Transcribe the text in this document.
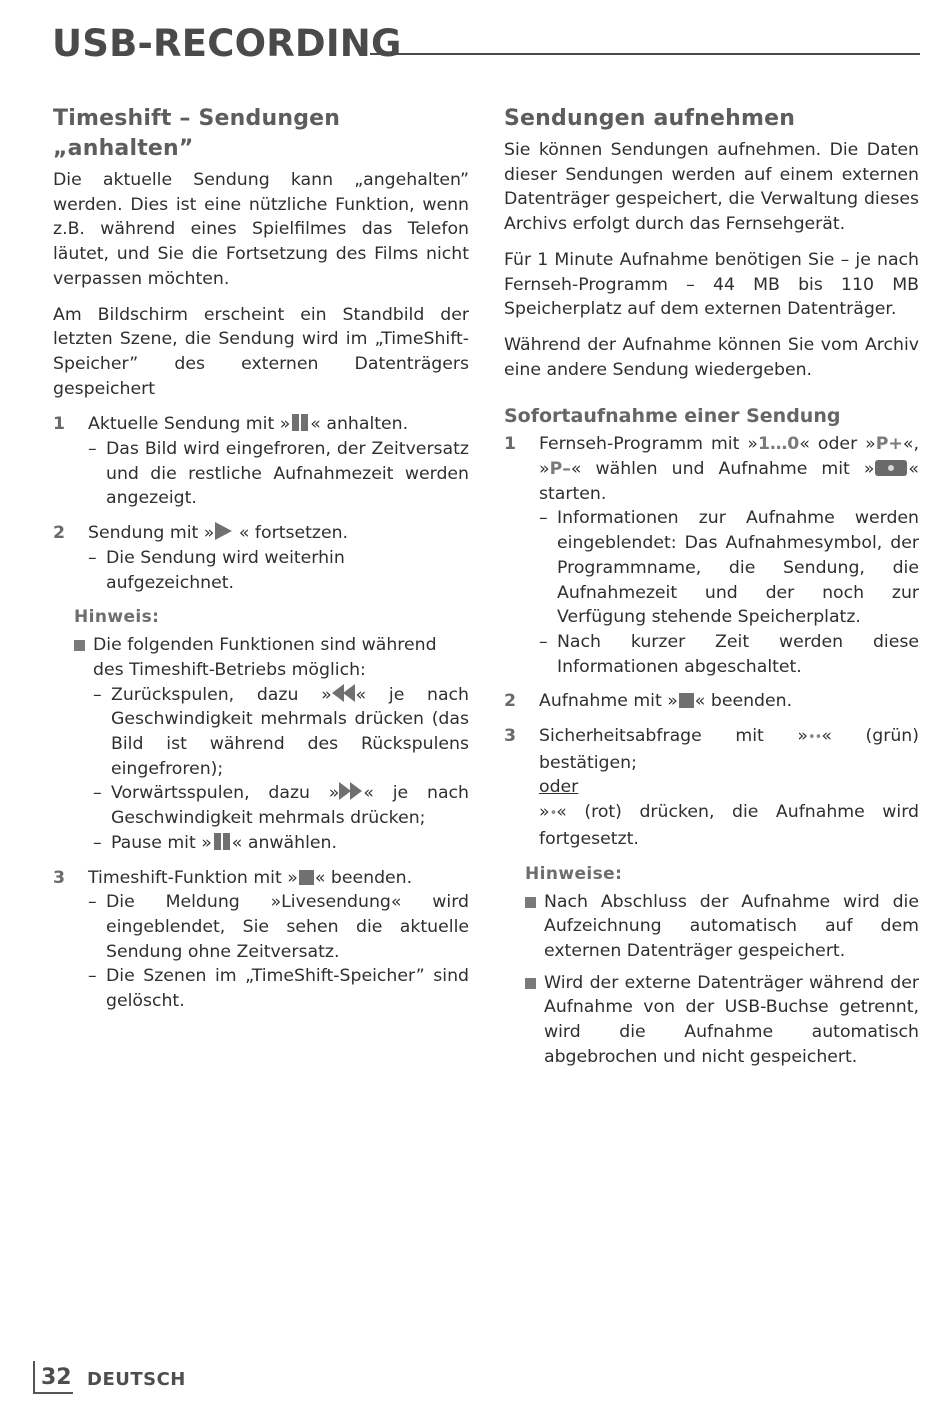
USB-RECORDING
Timeshift – Sendungen „anhalten”

Die aktuelle Sendung kann „angehalten” werden. Dies ist eine nützliche Funktion, wenn z.B. während eines Spielfilmes das Telefon läutet, und Sie die Fortsetzung des Films nicht verpassen möchten.

Am Bildschirm erscheint ein Standbild der letzten Szene, die Sendung wird im „TimeShift-Speicher” des externen Datenträgers gespeichert

1 Aktuelle Sendung mit » « anhalten.
– Das Bild wird eingefroren, der Zeitversatz und die restliche Aufnahmezeit werden angezeigt.
2 Sendung mit » « fortsetzen.
– Die Sendung wird weiterhin aufgezeichnet.
Hinweis:
Die folgenden Funktionen sind während des Timeshift-Betriebs möglich:
– Zurückspulen, dazu » « je nach Geschwindigkeit mehrmals drücken (das Bild ist während des Rückspulens eingefroren);
– Vorwärtsspulen, dazu » « je nach Geschwindigkeit mehrmals drücken;
– Pause mit » « anwählen.
3 Timeshift-Funktion mit » « beenden.
– Die Meldung »Livesendung« wird eingeblendet, Sie sehen die aktuelle Sendung ohne Zeitversatz.
– Die Szenen im „TimeShift-Speicher” sind gelöscht.
Sendungen aufnehmen

Sie können Sendungen aufnehmen. Die Daten dieser Sendungen werden auf einem externen Datenträger gespeichert, die Verwaltung dieses Archivs erfolgt durch das Fernsehgerät.

Für 1 Minute Aufnahme benötigen Sie – je nach Fernseh-Programm – 44 MB bis 110 MB Speicherplatz auf dem externen Datenträger.

Während der Aufnahme können Sie vom Archiv eine andere Sendung wiedergeben.

Sofortaufnahme einer Sendung
1 Fernseh-Programm mit »1…0« oder »P+«, »P–« wählen und Aufnahme mit » « starten.
– Informationen zur Aufnahme werden eingeblendet: Das Aufnahmesymbol, der Programmname, die Sendung, die Aufnahmezeit und der noch zur Verfügung stehende Speicherplatz.
– Nach kurzer Zeit werden diese Informationen abgeschaltet.
2 Aufnahme mit » « beenden.
3 Sicherheitsabfrage mit »••« (grün) bestätigen;
oder
»•« (rot) drücken, die Aufnahme wird fortgesetzt.
Hinweise:
Nach Abschluss der Aufnahme wird die Aufzeichnung automatisch auf dem externen Datenträger gespeichert.
Wird der externe Datenträger während der Aufnahme von der USB-Buchse getrennt, wird die Aufnahme automatisch abgebrochen und nicht gespeichert.
32 DEUTSCH
